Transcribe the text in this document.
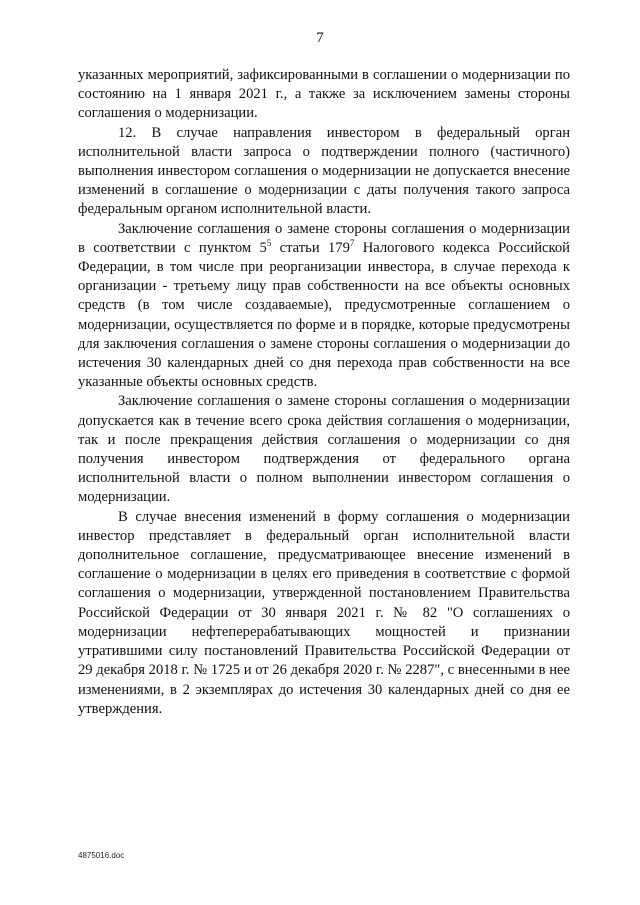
7

указанных мероприятий, зафиксированными в соглашении о модернизации по состоянию на 1 января 2021 г., а также за исключением замены стороны соглашения о модернизации.

12. В случае направления инвестором в федеральный орган исполнительной власти запроса о подтверждении полного (частичного) выполнения инвестором соглашения о модернизации не допускается внесение изменений в соглашение о модернизации с даты получения такого запроса федеральным органом исполнительной власти.

Заключение соглашения о замене стороны соглашения о модернизации в соответствии с пунктом $5^5$ статьи $179^7$ Налогового кодекса Российской Федерации, в том числе при реорганизации инвестора, в случае перехода к организации - третьему лицу прав собственности на все объекты основных средств (в том числе создаваемые), предусмотренные соглашением о модернизации, осуществляется по форме и в порядке, которые предусмотрены для заключения соглашения о замене стороны соглашения о модернизации до истечения 30 календарных дней со дня перехода прав собственности на все указанные объекты основных средств.

Заключение соглашения о замене стороны соглашения о модернизации допускается как в течение всего срока действия соглашения о модернизации, так и после прекращения действия соглашения о модернизации со дня получения инвестором подтверждения от федерального органа исполнительной власти о полном выполнении инвестором соглашения о модернизации.

В случае внесения изменений в форму соглашения о модернизации инвестор представляет в федеральный орган исполнительной власти дополнительное соглашение, предусматривающее внесение изменений в соглашение о модернизации в целях его приведения в соответствие с формой соглашения о модернизации, утвержденной постановлением Правительства Российской Федерации от 30 января 2021 г. № 82 "О соглашениях о модернизации нефтеперерабатывающих мощностей и признании утратившими силу постановлений Правительства Российской Федерации от 29 декабря 2018 г. № 1725 и от 26 декабря 2020 г. № 2287", с внесенными в нее изменениями, в 2 экземплярах до истечения 30 календарных дней со дня ее утверждения.

4875016.doc
